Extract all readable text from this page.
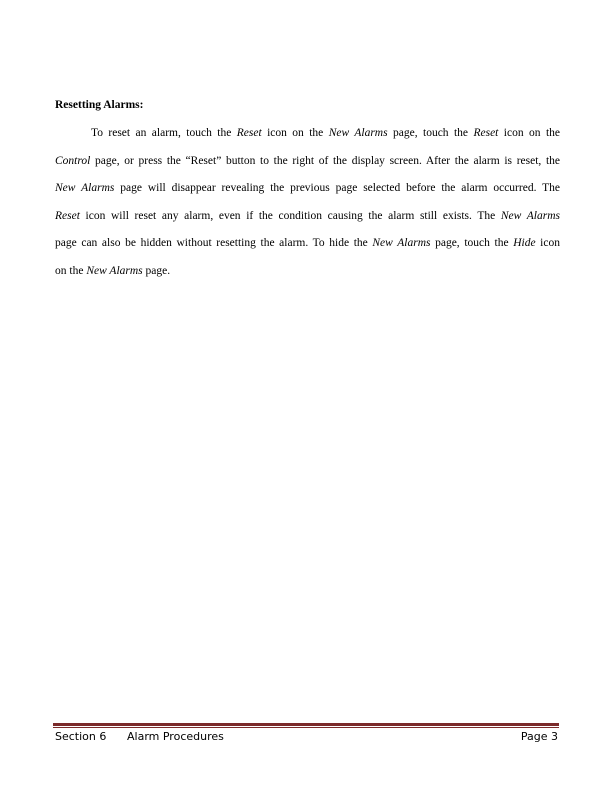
Resetting Alarms:

To reset an alarm, touch the Reset icon on the New Alarms page, touch the Reset icon on the
Control page, or press the “Reset” button to the right of the display screen. After the alarm is reset, the
New Alarms page will disappear revealing the previous page selected before the alarm occurred. The
Reset icon will reset any alarm, even if the condition causing the alarm still exists. The New Alarms
page can also be hidden without resetting the alarm. To hide the New Alarms page, touch the Hide icon
on the New Alarms page.
Section 6 Alarm Procedures	Page 3
